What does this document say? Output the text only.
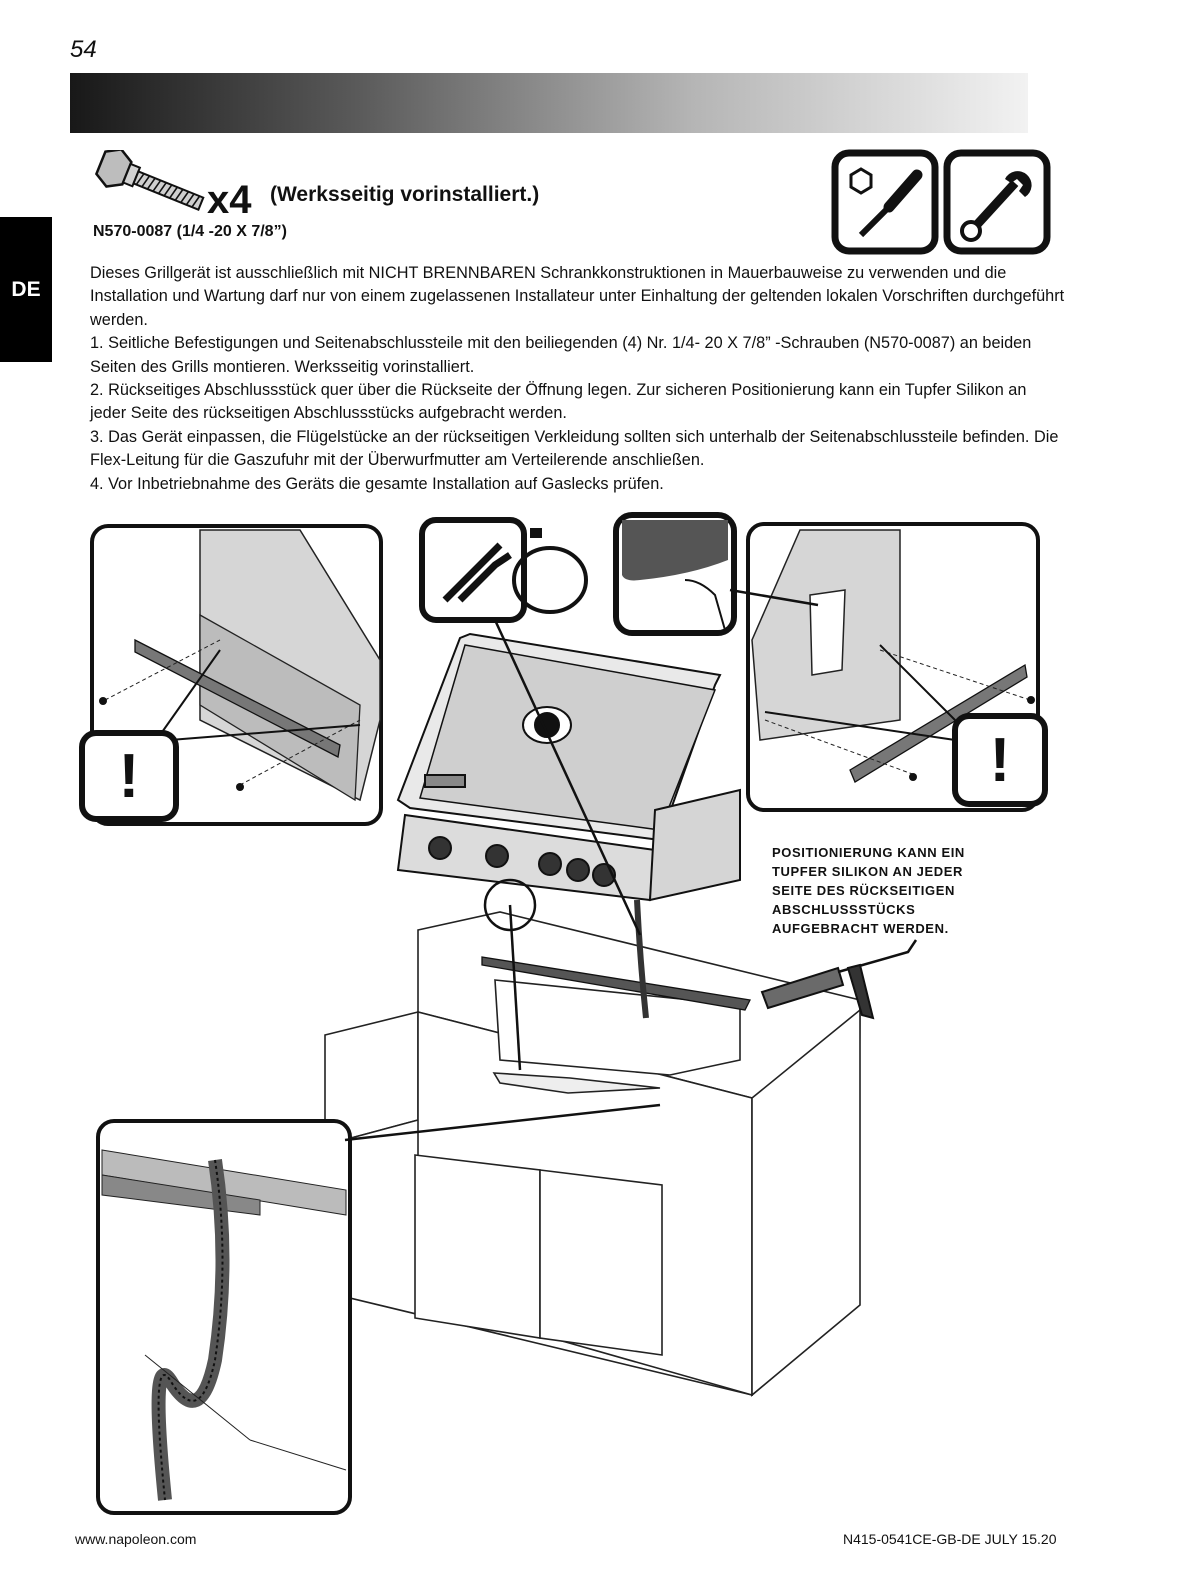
54
DE
x4 (Werksseitig vorinstalliert.)
N570-0087 (1/4 -20 X 7/8”)

Dieses Grillgerät ist ausschließlich mit NICHT BRENNBAREN Schrankkonstruktionen in Mauerbauweise zu verwenden und die Installation und Wartung darf nur von einem zugelassenen Installateur unter Einhaltung der geltenden lokalen Vorschriften durchgeführt werden.

1. Seitliche Befestigungen und Seitenabschlussteile mit den beiliegenden (4) Nr. 1/4- 20 X 7/8” -Schrauben (N570-0087) an beiden Seiten des Grills montieren. Werksseitig vorinstalliert.

2. Rückseitiges Abschlussstück quer über die Rückseite der Öffnung legen. Zur sicheren Positionierung kann ein Tupfer Silikon an jeder Seite des rückseitigen Abschlussstücks aufgebracht werden.

3. Das Gerät einpassen, die Flügelstücke an der rückseitigen Verkleidung sollten sich unterhalb der Seitenabschlussteile befinden. Die Flex-Leitung für die Gaszufuhr mit der Überwurfmutter am Verteilerende anschließen.

4. Vor Inbetriebnahme des Geräts die gesamte Installation auf Gaslecks prüfen.

!	!
POSITIONIERUNG KANN EIN TUPFER SILIKON AN JEDER SEITE DES RÜCKSEITIGEN ABSCHLUSSSTÜCKS AUFGEBRACHT WERDEN.
www.napoleon.com	N415-0541CE-GB-DE JULY 15.20
